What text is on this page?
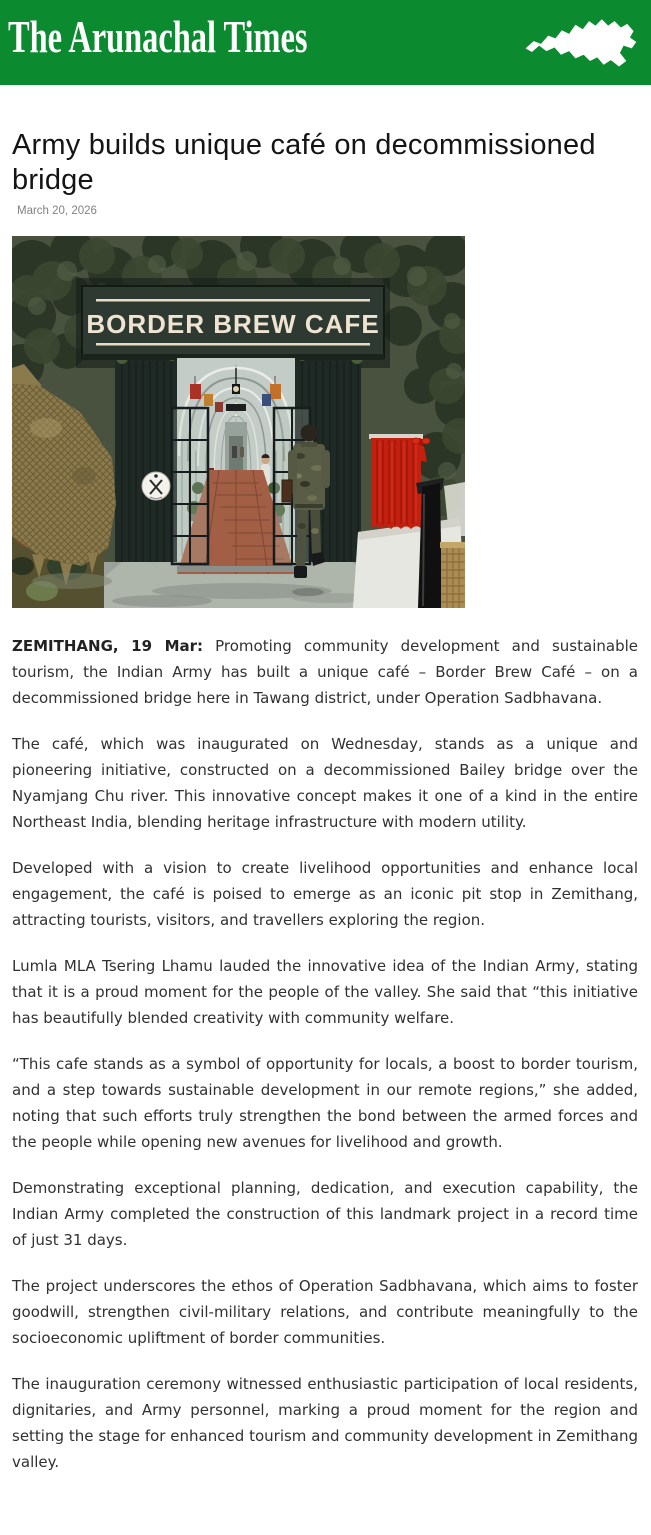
The Arunachal Times
Army builds unique café on decommissioned bridge
March 20, 2026
BORDER BREW CAFE

ZEMITHANG, 19 Mar: Promoting community development and sustainable tourism, the Indian Army has built a unique café – Border Brew Café – on a decommissioned bridge here in Tawang district, under Operation Sadbhavana.

The café, which was inaugurated on Wednesday, stands as a unique and pioneering initiative, constructed on a decommissioned Bailey bridge over the Nyamjang Chu river. This innovative concept makes it one of a kind in the entire Northeast India, blending heritage infrastructure with modern utility.

Developed with a vision to create livelihood opportunities and enhance local engagement, the café is poised to emerge as an iconic pit stop in Zemithang, attracting tourists, visitors, and travellers exploring the region.

Lumla MLA Tsering Lhamu lauded the innovative idea of the Indian Army, stating that it is a proud moment for the people of the valley. She said that “this initiative has beautifully blended creativity with community welfare.

“This cafe stands as a symbol of opportunity for locals, a boost to border tourism, and a step towards sustainable development in our remote regions,” she added, noting that such efforts truly strengthen the bond between the armed forces and the people while opening new avenues for livelihood and growth.

Demonstrating exceptional planning, dedication, and execution capability, the Indian Army completed the construction of this landmark project in a record time of just 31 days.

The project underscores the ethos of Operation Sadbhavana, which aims to foster goodwill, strengthen civil-military relations, and contribute meaningfully to the socioeconomic upliftment of border communities.

The inauguration ceremony witnessed enthusiastic participation of local residents, dignitaries, and Army personnel, marking a proud moment for the region and setting the stage for enhanced tourism and community development in Zemithang valley.
